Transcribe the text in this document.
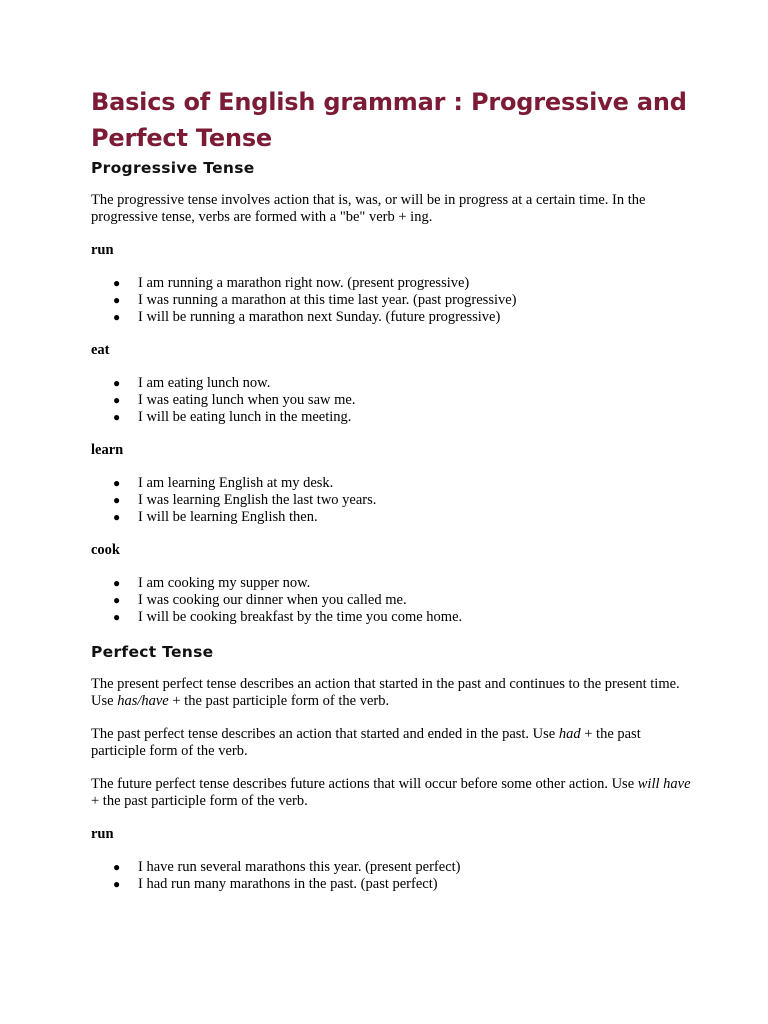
Basics of English grammar : Progressive and Perfect Tense
Progressive Tense

The progressive tense involves action that is, was, or will be in progress at a certain time. In the progressive tense, verbs are formed with a "be" verb + ing.

run
● I am running a marathon right now. (present progressive)
● I was running a marathon at this time last year. (past progressive)
● I will be running a marathon next Sunday. (future progressive)
eat
● I am eating lunch now.
● I was eating lunch when you saw me.
● I will be eating lunch in the meeting.
learn
● I am learning English at my desk.
● I was learning English the last two years.
● I will be learning English then.
cook
● I am cooking my supper now.
● I was cooking our dinner when you called me.
● I will be cooking breakfast by the time you come home.
Perfect Tense

The present perfect tense describes an action that started in the past and continues to the present time. Use has/have + the past participle form of the verb.

The past perfect tense describes an action that started and ended in the past. Use had + the past participle form of the verb.

The future perfect tense describes future actions that will occur before some other action. Use will have + the past participle form of the verb.

run
● I have run several marathons this year. (present perfect)
● I had run many marathons in the past. (past perfect)
